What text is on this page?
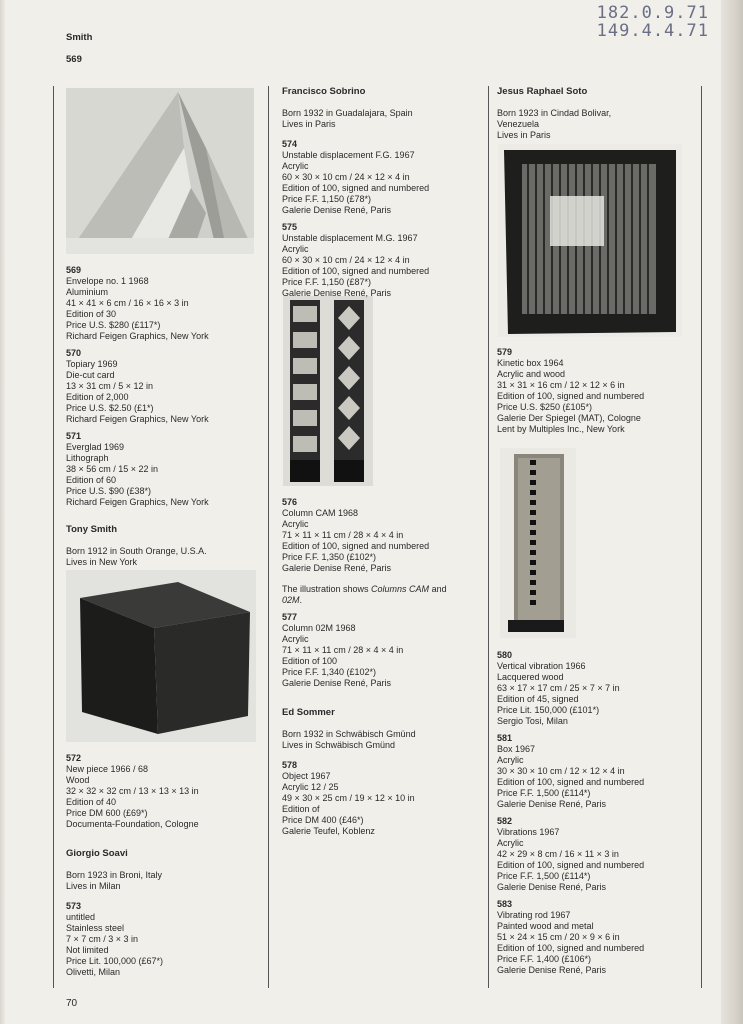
182.0.9.71
149.4.4.71
Smith
569
569
Envelope no. 1 1968
Aluminium
41 × 41 × 6 cm / 16 × 16 × 3 in
Edition of 30
Price U.S. $280 (£117*)
Richard Feigen Graphics, New York
570
Topiary 1969
Die-cut card
13 × 31 cm / 5 × 12 in
Edition of 2,000
Price U.S. $2.50 (£1*)
Richard Feigen Graphics, New York
571
Everglad 1969
Lithograph
38 × 56 cm / 15 × 22 in
Edition of 60
Price U.S. $90 (£38*)
Richard Feigen Graphics, New York
Tony Smith
Born 1912 in South Orange, U.S.A.
Lives in New York
572
New piece 1966 / 68
Wood
32 × 32 × 32 cm / 13 × 13 × 13 in
Edition of 40
Price DM 600 (£69*)
Documenta-Foundation, Cologne
Giorgio Soavi
Born 1923 in Broni, Italy
Lives in Milan
573
untitled
Stainless steel
7 × 7 cm / 3 × 3 in
Not limited
Price Lit. 100,000 (£67*)
Olivetti, Milan
Francisco Sobrino
Born 1932 in Guadalajara, Spain
Lives in Paris
574
Unstable displacement F.G. 1967
Acrylic
60 × 30 × 10 cm / 24 × 12 × 4 in
Edition of 100, signed and numbered
Price F.F. 1,150 (£78*)
Galerie Denise René, Paris
575
Unstable displacement M.G. 1967
Acrylic
60 × 30 × 10 cm / 24 × 12 × 4 in
Edition of 100, signed and numbered
Price F.F. 1,150 (£87*)
Galerie Denise René, Paris
576
Column CAM 1968
Acrylic
71 × 11 × 11 cm / 28 × 4 × 4 in
Edition of 100, signed and numbered
Price F.F. 1,350 (£102*)
Galerie Denise René, Paris
The illustration shows Columns CAM and
02M.
577
Column 02M 1968
Acrylic
71 × 11 × 11 cm / 28 × 4 × 4 in
Edition of 100
Price F.F. 1,340 (£102*)
Galerie Denise René, Paris
Ed Sommer
Born 1932 in Schwäbisch Gmünd
Lives in Schwäbisch Gmünd
578
Object 1967
Acrylic 12 / 25
49 × 30 × 25 cm / 19 × 12 × 10 in
Edition of
Price DM 400 (£46*)
Galerie Teufel, Koblenz
Jesus Raphael Soto
Born 1923 in Cindad Bolivar,
Venezuela
Lives in Paris
579
Kinetic box 1964
Acrylic and wood
31 × 31 × 16 cm / 12 × 12 × 6 in
Edition of 100, signed and numbered
Price U.S. $250 (£105*)
Galerie Der Spiegel (MAT), Cologne
Lent by Multiples Inc., New York
580
Vertical vibration 1966
Lacquered wood
63 × 17 × 17 cm / 25 × 7 × 7 in
Edition of 45, signed
Price Lit. 150,000 (£101*)
Sergio Tosi, Milan
581
Box 1967
Acrylic
30 × 30 × 10 cm / 12 × 12 × 4 in
Edition of 100, signed and numbered
Price F.F. 1,500 (£114*)
Galerie Denise René, Paris
582
Vibrations 1967
Acrylic
42 × 29 × 8 cm / 16 × 11 × 3 in
Edition of 100, signed and numbered
Price F.F. 1,500 (£114*)
Galerie Denise René, Paris
583
Vibrating rod 1967
Painted wood and metal
51 × 24 × 15 cm / 20 × 9 × 6 in
Edition of 100, signed and numbered
Price F.F. 1,400 (£106*)
Galerie Denise René, Paris
70
